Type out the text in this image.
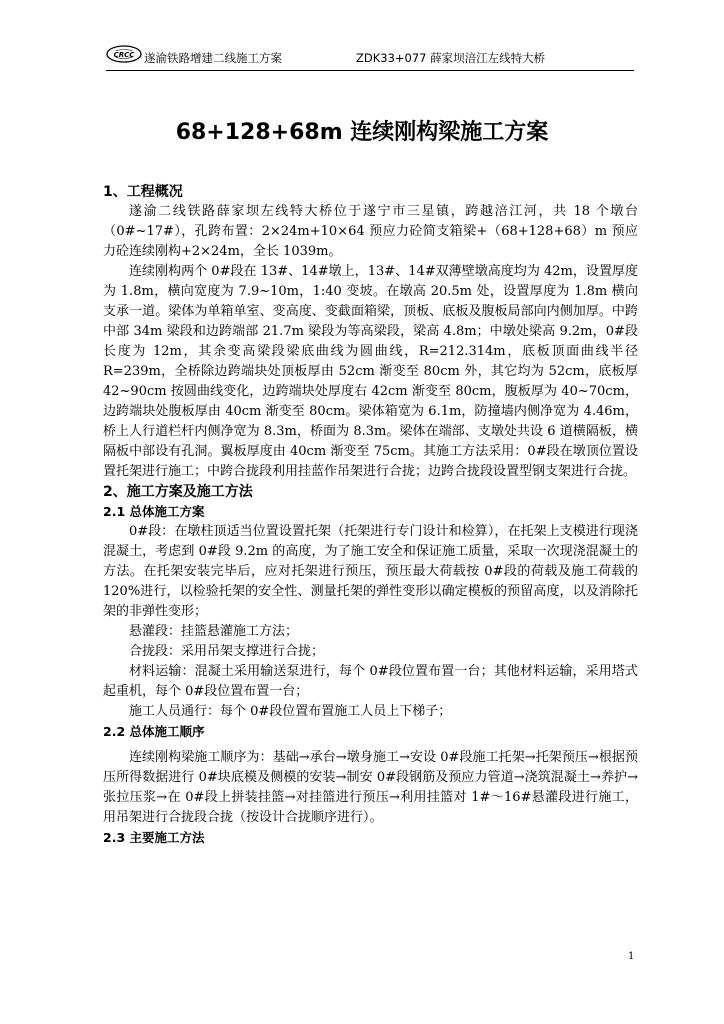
CRCC 遂渝铁路增建二线施工方案	ZDK33+077 薛家坝涪江左线特大桥
68+128+68m 连续刚构梁施工方案
1、工程概况

遂渝二线铁路薛家坝左线特大桥位于遂宁市三星镇，跨越涪江河，共 18 个墩台（0#~17#），孔跨布置：2×24m+10×64 预应力砼简支箱梁+（68+128+68）m 预应力砼连续刚构+2×24m，全长 1039m。

连续刚构两个 0#段在 13#、14#墩上，13#、14#双薄壁墩高度均为 42m，设置厚度为 1.8m，横向宽度为 7.9~10m，1:40 变坡。在墩高 20.5m 处，设置厚度为 1.8m 横向支承一道。梁体为单箱单室、变高度、变截面箱梁，顶板、底板及腹板局部向内侧加厚。中跨中部 34m 梁段和边跨端部 21.7m 梁段为等高梁段，梁高 4.8m；中墩处梁高 9.2m，0#段长度为 12m，其余变高梁段梁底曲线为圆曲线，R=212.314m，底板顶面曲线半径 R=239m，全桥除边跨端块处顶板厚由 52cm 渐变至 80cm 外，其它均为 52cm，底板厚 42~90cm 按圆曲线变化，边跨端块处厚度右 42cm 渐变至 80cm，腹板厚为 40~70cm，边跨端块处腹板厚由 40cm 渐变至 80cm。梁体箱宽为 6.1m，防撞墙内侧净宽为 4.46m，桥上人行道栏杆内侧净宽为 8.3m，桥面为 8.3m。梁体在端部、支墩处共设 6 道横隔板，横隔板中部设有孔洞。翼板厚度由 40cm 渐变至 75cm。其施工方法采用：0#段在墩顶位置设置托架进行施工；中跨合拢段利用挂蓝作吊架进行合拢；边跨合拢段设置型钢支架进行合拢。

2、施工方案及施工方法
2.1 总体施工方案

0#段：在墩柱顶适当位置设置托架（托架进行专门设计和检算），在托架上支模进行现浇混凝土，考虑到 0#段 9.2m 的高度，为了施工安全和保证施工质量，采取一次现浇混凝土的方法。在托架安装完毕后，应对托架进行预压，预压最大荷载按 0#段的荷载及施工荷载的 120%进行，以检验托架的安全性、测量托架的弹性变形以确定模板的预留高度，以及消除托架的非弹性变形；

悬灌段：挂篮悬灌施工方法；

合拢段：采用吊架支撑进行合拢；

材料运输：混凝土采用输送泵进行，每个 0#段位置布置一台；其他材料运输，采用塔式起重机，每个 0#段位置布置一台；

施工人员通行：每个 0#段位置布置施工人员上下梯子；

2.2 总体施工顺序

连续刚构梁施工顺序为：基础→承台→墩身施工→安设 0#段施工托架→托架预压→根据预压所得数据进行 0#块底模及侧模的安装→制安 0#段钢筋及预应力管道→浇筑混凝土→养护→张拉压浆→在 0#段上拼装挂篮→对挂篮进行预压→利用挂篮对 1#～16#悬灌段进行施工，用吊架进行合拢段合拢（按设计合拢顺序进行）。

2.3 主要施工方法
1
